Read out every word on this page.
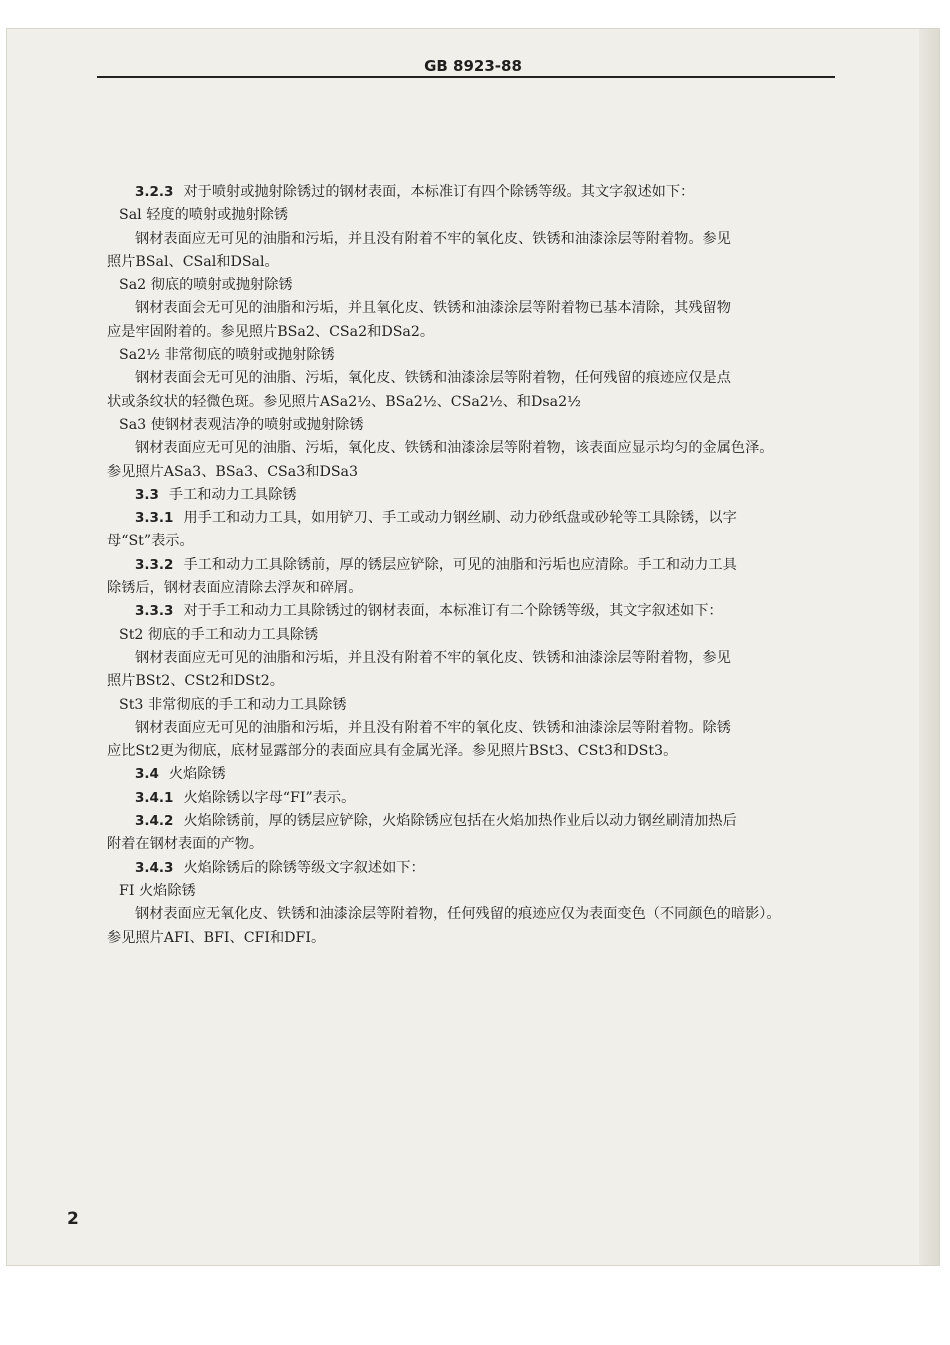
GB 8923-88

3.2.3 对于喷射或抛射除锈过的钢材表面，本标准订有四个除锈等级。其文字叙述如下：

Sal 轻度的喷射或抛射除锈

钢材表面应无可见的油脂和污垢，并且没有附着不牢的氧化皮、铁锈和油漆涂层等附着物。参见

照片BSal、CSal和DSal。

Sa2 彻底的喷射或抛射除锈

钢材表面会无可见的油脂和污垢，并且氧化皮、铁锈和油漆涂层等附着物已基本清除，其残留物

应是牢固附着的。参见照片BSa2、CSa2和DSa2。

Sa2½ 非常彻底的喷射或抛射除锈

钢材表面会无可见的油脂、污垢，氧化皮、铁锈和油漆涂层等附着物，任何残留的痕迹应仅是点

状或条纹状的轻微色斑。参见照片ASa2½、BSa2½、CSa2½、和Dsa2½

Sa3 使钢材表观洁净的喷射或抛射除锈

钢材表面应无可见的油脂、污垢，氧化皮、铁锈和油漆涂层等附着物，该表面应显示均匀的金属色泽。

参见照片ASa3、BSa3、CSa3和DSa3

3.3 手工和动力工具除锈

3.3.1 用手工和动力工具，如用铲刀、手工或动力钢丝刷、动力砂纸盘或砂轮等工具除锈，以字

母“St”表示。

3.3.2 手工和动力工具除锈前，厚的锈层应铲除，可见的油脂和污垢也应清除。手工和动力工具

除锈后，钢材表面应清除去浮灰和碎屑。

3.3.3 对于手工和动力工具除锈过的钢材表面，本标准订有二个除锈等级，其文字叙述如下：

St2 彻底的手工和动力工具除锈

钢材表面应无可见的油脂和污垢，并且没有附着不牢的氧化皮、铁锈和油漆涂层等附着物，参见

照片BSt2、CSt2和DSt2。

St3 非常彻底的手工和动力工具除锈

钢材表面应无可见的油脂和污垢，并且没有附着不牢的氧化皮、铁锈和油漆涂层等附着物。除锈

应比St2更为彻底，底材显露部分的表面应具有金属光泽。参见照片BSt3、CSt3和DSt3。

3.4 火焰除锈

3.4.1 火焰除锈以字母“FI”表示。

3.4.2 火焰除锈前，厚的锈层应铲除，火焰除锈应包括在火焰加热作业后以动力钢丝刷清加热后

附着在钢材表面的产物。

3.4.3 火焰除锈后的除锈等级文字叙述如下：

FI 火焰除锈

钢材表面应无氧化皮、铁锈和油漆涂层等附着物，任何残留的痕迹应仅为表面变色（不同颜色的暗影）。

参见照片AFI、BFI、CFI和DFI。

2
